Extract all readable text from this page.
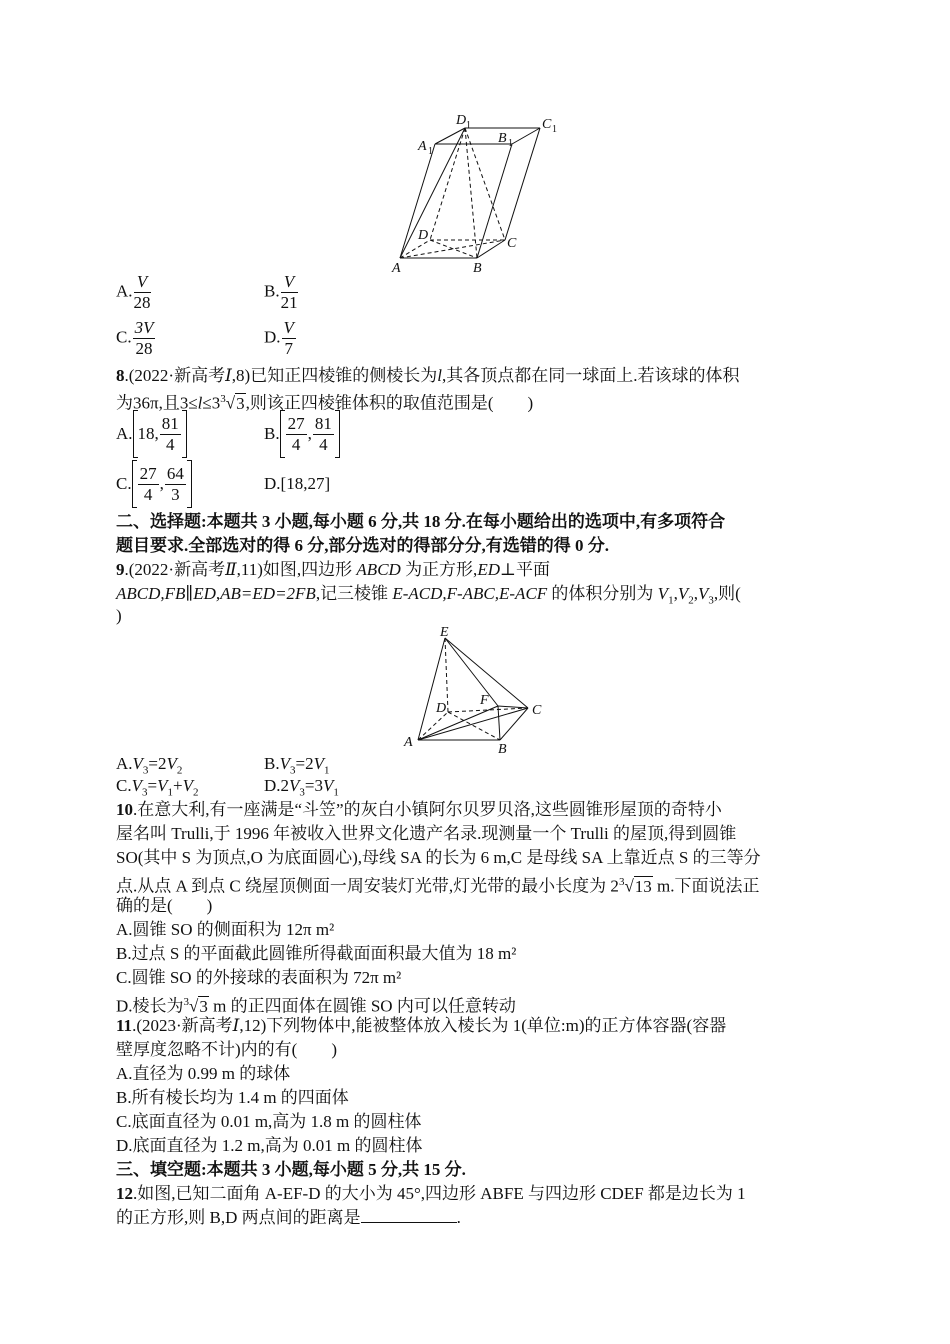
A 1
D 1
B 1
C 1
D
C
A	B
A. $\frac{V}{28}$	B. $\frac{V}{21}$
C. $\frac{3V}{28}$	D. $\frac{V}{7}$
8.(2022·新高考Ⅰ,8)已知正四棱锥的侧棱长为l,其各顶点都在同一球面上.若该球的体积
为36π,且$3\le l\le 3^3√3$,则该正四棱锥体积的取值范围是(　　)
A. 18, $\frac{81}{4}$	B. $\frac{27}{4}$ , $\frac{81}{4}$
C. $\frac{27}{4}$ , $\frac{64}{3}$	D.[18,27]
二、选择题:本题共 3 小题,每小题 6 分,共 18 分.在每小题给出的选项中,有多项符合
题目要求.全部选对的得 6 分,部分选对的得部分分,有选错的得 0 分.
9.(2022·新高考Ⅱ,11)如图,四边形 ABCD 为正方形,ED⊥平面
ABCD,FB∥ED,AB=ED=2FB,记三棱锥 E-ACD,F-ABC,E-ACF 的体积分别为 $V_1,V_2,V_3$,则(
)
E
D
F
C
A	B
$A.V_3=2V_2$	$B.V_3=2V_1$
$C.V_3=V_1+V_2$	$D.2V_3=3V_1$
10.在意大利,有一座满是“斗笠”的灰白小镇阿尔贝罗贝洛,这些圆锥形屋顶的奇特小
屋名叫 Trulli,于 1996 年被收入世界文化遗产名录.现测量一个 Trulli 的屋顶,得到圆锥
SO(其中 S 为顶点,O 为底面圆心),母线 SA 的长为 6 m,C 是母线 SA 上靠近点 S 的三等分
点.从点 A 到点 C 绕屋顶侧面一周安装灯光带,灯光带的最小长度为 $2^3√13$ m.下面说法正
确的是(　　)
A.圆锥 SO 的侧面积为 12π m²
B.过点 S 的平面截此圆锥所得截面面积最大值为 18 m²
C.圆锥 SO 的外接球的表面积为 72π m²
D.棱长为$^3$√3 m 的正四面体在圆锥 SO 内可以任意转动
11.(2023·新高考Ⅰ,12)下列物体中,能被整体放入棱长为 1(单位:m)的正方体容器(容器
壁厚度忽略不计)内的有(　　)
A.直径为 0.99 m 的球体
B.所有棱长均为 1.4 m 的四面体
C.底面直径为 0.01 m,高为 1.8 m 的圆柱体
D.底面直径为 1.2 m,高为 0.01 m 的圆柱体
三、填空题:本题共 3 小题,每小题 5 分,共 15 分.
12.如图,已知二面角 A-EF-D 的大小为 45°,四边形 ABFE 与四边形 CDEF 都是边长为 1
的正方形,则 B,D 两点间的距离是	.
